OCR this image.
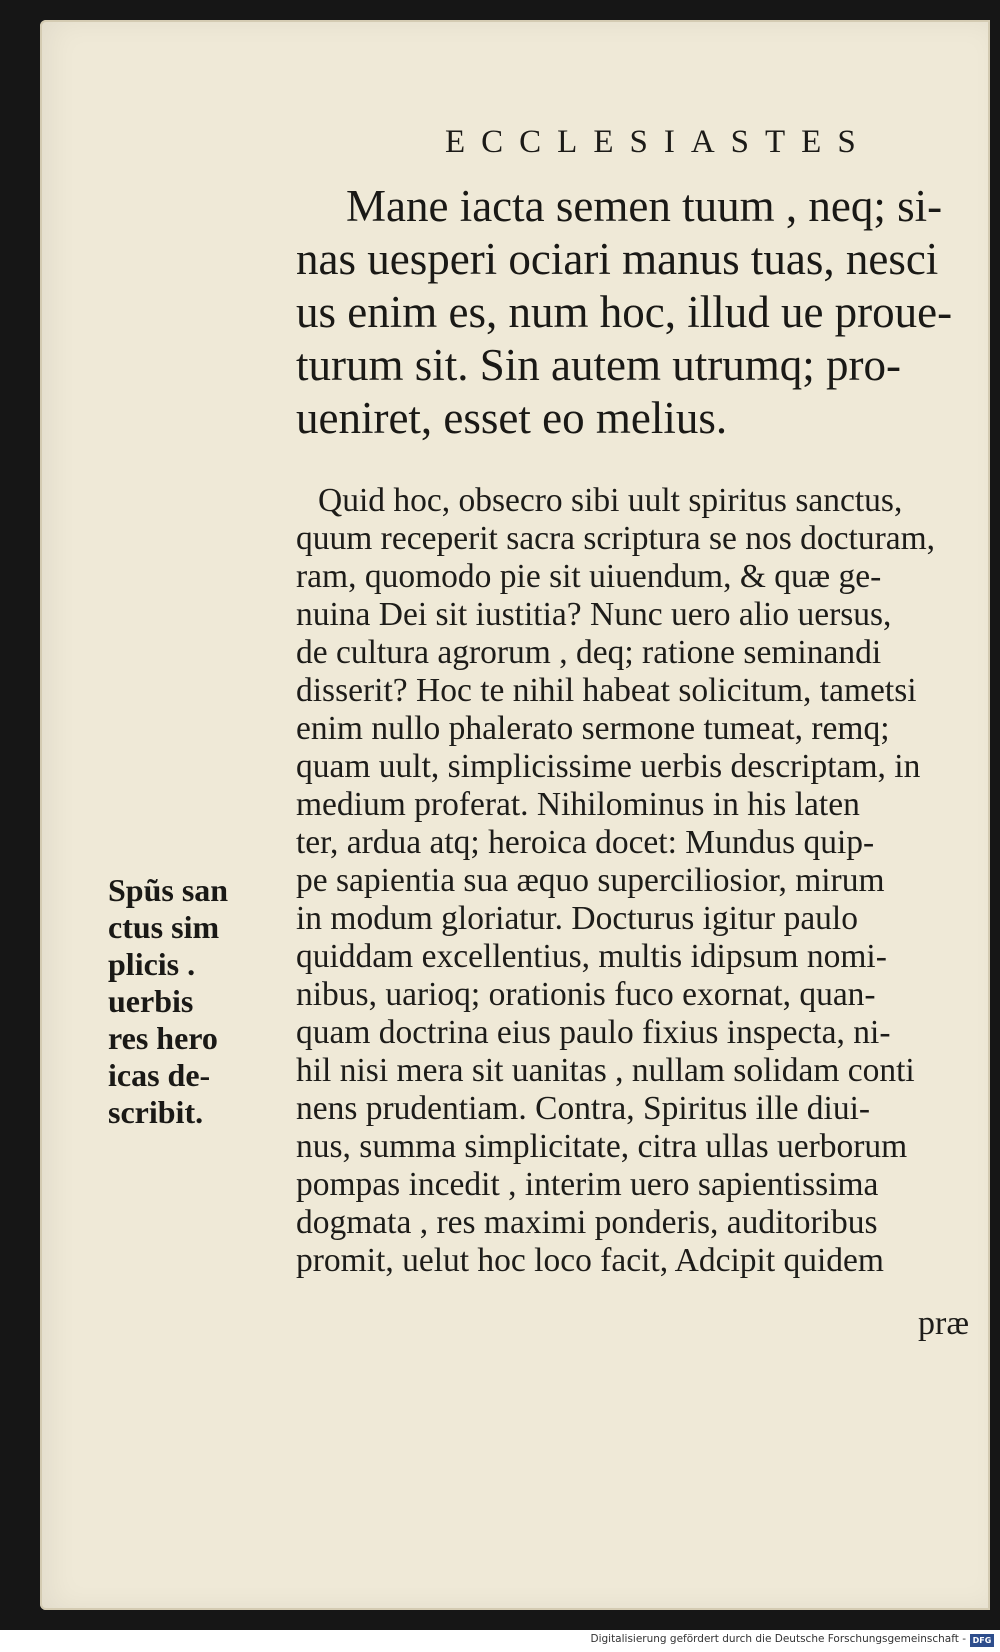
ECCLESIASTES
Mane iacta semen tuum , neq; si-
nas uesperi ociari manus tuas, nesci
us enim es, num hoc, illud ue proue-
turum sit. Sin autem utrumq; pro-
ueniret, esset eo melius.
Quid hoc, obsecro sibi uult spiritus sanctus,
quum receperit sacra scriptura se nos docturam,
ram, quomodo pie sit uiuendum, & quæ ge-
nuina Dei sit iustitia? Nunc uero alio uersus,
de cultura agrorum , deq; ratione seminandi
disserit? Hoc te nihil habeat solicitum, tametsi
enim nullo phalerato sermone tumeat, remq;
quam uult, simplicissime uerbis descriptam, in
medium proferat. Nihilominus in his laten
ter, ardua atq; heroica docet: Mundus quip-
pe sapientia sua æquo superciliosior, mirum
in modum gloriatur. Docturus igitur paulo
quiddam excellentius, multis idipsum nomi-
nibus, uarioq; orationis fuco exornat, quan-
quam doctrina eius paulo fixius inspecta, ni-
hil nisi mera sit uanitas , nullam solidam conti
nens prudentiam. Contra, Spiritus ille diui-
nus, summa simplicitate, citra ullas uerborum
pompas incedit , interim uero sapientissima
dogmata , res maximi ponderis, auditoribus
promit, uelut hoc loco facit, Adcipit quidem
præ
Spũs san
ctus sim
plicis .
uerbis
res hero
icas de-
scribit.
Digitalisierung gefördert durch die Deutsche Forschungsgemeinschaft - DFG
